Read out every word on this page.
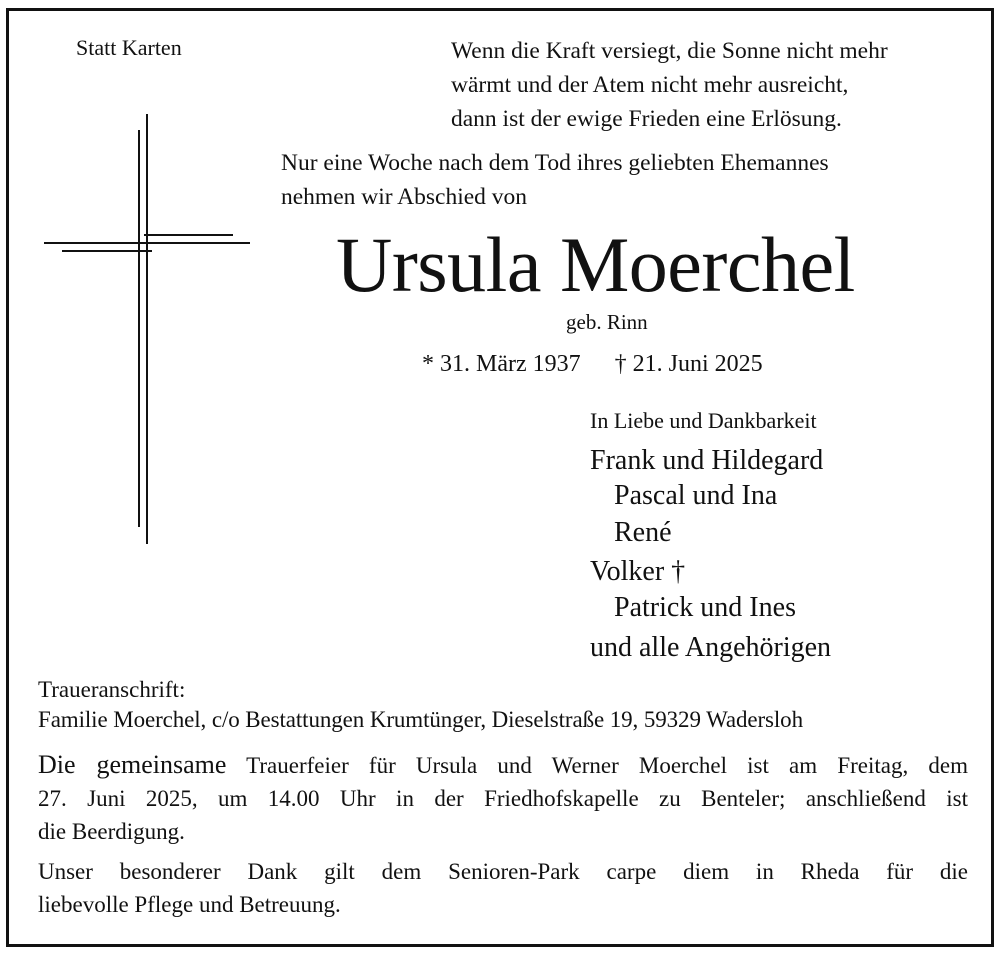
Statt Karten	Wenn die Kraft versiegt, die Sonne nicht mehr
wärmt und der Atem nicht mehr ausreicht,
dann ist der ewige Frieden eine Erlösung.
Nur eine Woche nach dem Tod ihres geliebten Ehemannes
nehmen wir Abschied von
Ursula Moerchel
geb. Rinn
* 31. März 1937 † 21. Juni 2025
In Liebe und Dankbarkeit
Frank und Hildegard
Pascal und Ina
René
Volker †
Patrick und Ines
und alle Angehörigen
Traueranschrift:
Familie Moerchel, c/o Bestattungen Krumtünger, Dieselstraße 19, 59329 Wadersloh
Die gemeinsame Trauerfeier für Ursula und Werner Moerchel ist am Freitag, dem
27. Juni 2025, um 14.00 Uhr in der Friedhofskapelle zu Benteler; anschließend ist
die Beerdigung.
Unser besonderer Dank gilt dem Senioren-Park carpe diem in Rheda für die
liebevolle Pflege und Betreuung.
